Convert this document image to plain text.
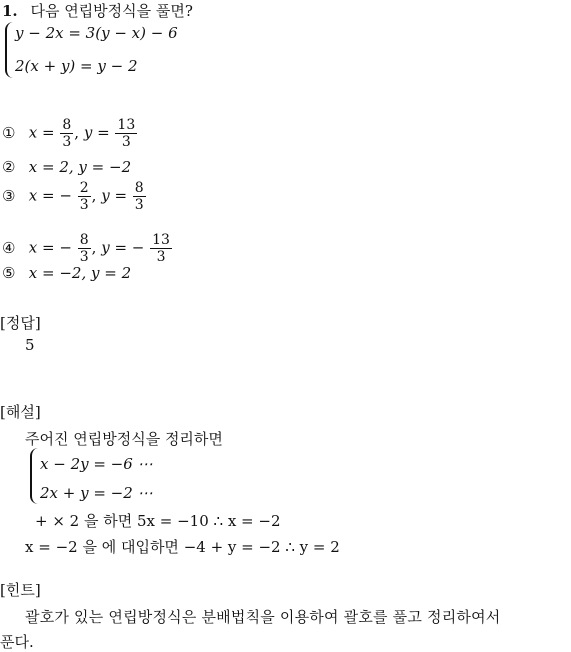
1. 다음 연립방정식을 풀면?
y − 2x = 3(y − x) − 6
2(x + y) = y − 2
① $x = \frac{8}{3}$ , $y = \frac{13}{3}$
② x = 2, y = −2
③ x = − $\frac{2}{3}$ , $y = \frac{8}{3}$
④ x = − $\frac{8}{3}$ , y = − $\frac{13}{3}$
⑤ x = −2, y = 2
[정답]
5
[해설]
주어진 연립방정식을 정리하면
x − 2y = −6 ⋯
2x + y = −2 ⋯
+ × 2 을 하면 5x = −10 ∴ x = −2
x = −2 을 에 대입하면 −4 + y = −2 ∴ y = 2
[힌트]
괄호가 있는 연립방정식은 분배법칙을 이용하여 괄호를 풀고 정리하여서
푼다.
